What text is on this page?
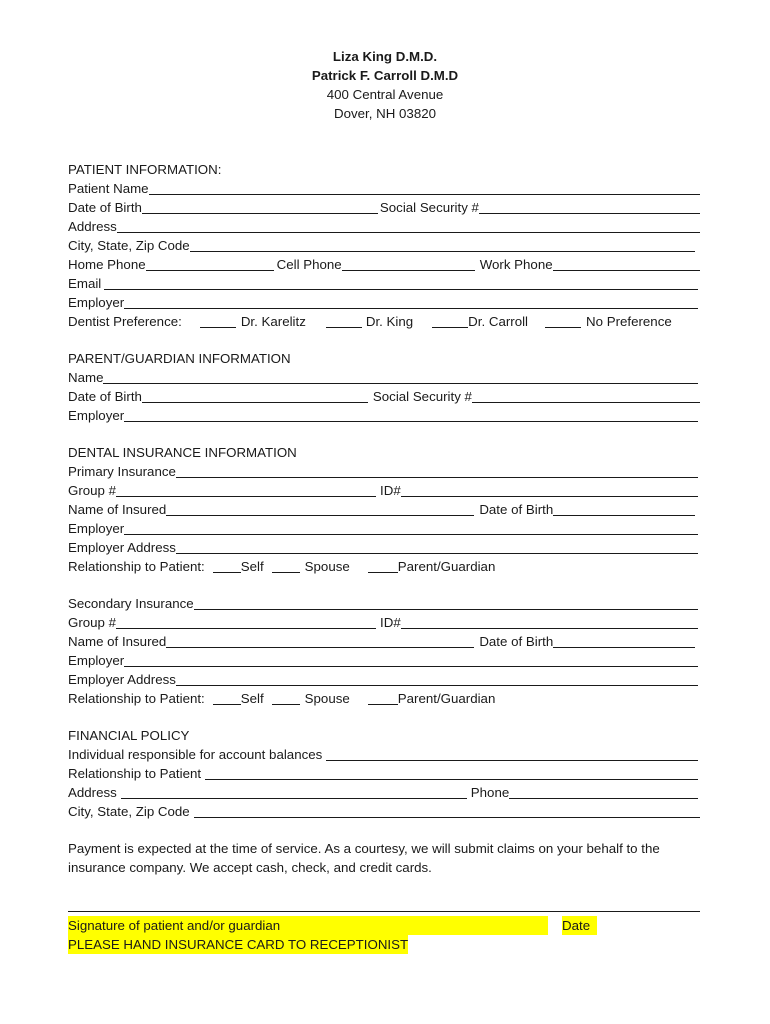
Liza King D.M.D.
Patrick F. Carroll D.M.D
400 Central Avenue
Dover, NH 03820
PATIENT INFORMATION:
Patient Name
Date of Birth	Social Security #
Address
City, State, Zip Code
Home Phone	Cell Phone	Work Phone
Email
Employer
Dentist Preference:	Dr. Karelitz	Dr. King	Dr. Carroll	No Preference
PARENT/GUARDIAN INFORMATION
Name
Date of Birth	Social Security #
Employer
DENTAL INSURANCE INFORMATION
Primary Insurance
Group #	ID#
Name of Insured	Date of Birth
Employer
Employer Address
Relationship to Patient:	Self	Spouse	Parent/Guardian
Secondary Insurance
Group #	ID#
Name of Insured	Date of Birth
Employer
Employer Address
Relationship to Patient:	Self	Spouse	Parent/Guardian
FINANCIAL POLICY
Individual responsible for account balances
Relationship to Patient
Address	Phone
City, State, Zip Code
Payment is expected at the time of service. As a courtesy, we will submit claims on your behalf to the insurance company. We accept cash, check, and credit cards.
Signature of patient and/or guardian	Date
PLEASE HAND INSURANCE CARD TO RECEPTIONIST
